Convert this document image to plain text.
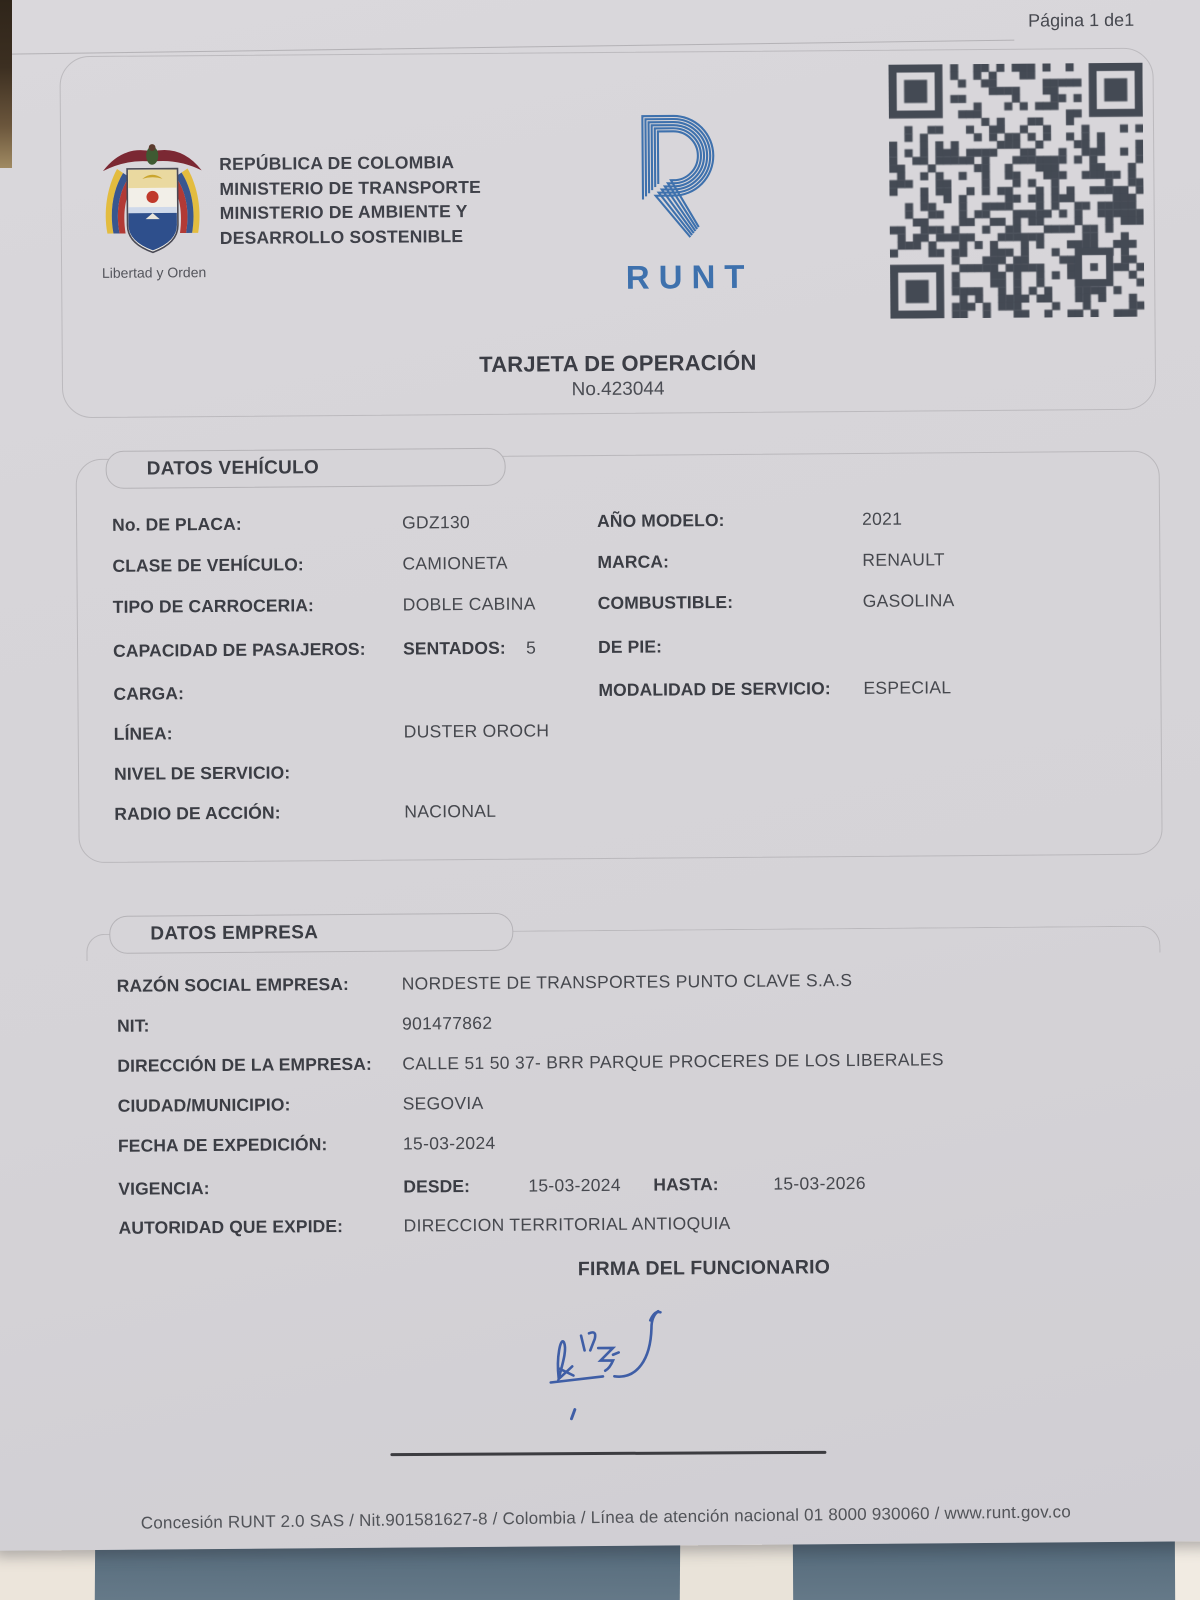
Página 1 de1
Libertad y Orden
REPÚBLICA DE COLOMBIA
MINISTERIO DE TRANSPORTE
MINISTERIO DE AMBIENTE Y
DESARROLLO SOSTENIBLE
RUNT
TARJETA DE OPERACIÓN
No.423044
No. DE PLACA:	GDZ130	AÑO MODELO:	2021
CLASE DE VEHÍCULO:	CAMIONETA	MARCA:	RENAULT
TIPO DE CARROCERIA:	DOBLE CABINA	COMBUSTIBLE:	GASOLINA
CAPACIDAD DE PASAJEROS: SENTADOS: 5	DE PIE:
CARGA:	MODALIDAD DE SERVICIO: ESPECIAL
LÍNEA:	DUSTER OROCH
NIVEL DE SERVICIO:
RADIO DE ACCIÓN:	NACIONAL
DATOS VEHÍCULO
DATOS EMPRESA
RAZÓN SOCIAL EMPRESA:	NORDESTE DE TRANSPORTES PUNTO CLAVE S.A.S
NIT:	901477862
DIRECCIÓN DE LA EMPRESA: CALLE 51 50 37- BRR PARQUE PROCERES DE LOS LIBERALES
CIUDAD/MUNICIPIO:	SEGOVIA
FECHA DE EXPEDICIÓN:	15-03-2024
VIGENCIA:	DESDE:	15-03-2024 HASTA:	15-03-2026
AUTORIDAD QUE EXPIDE:	DIRECCION TERRITORIAL ANTIOQUIA
FIRMA DEL FUNCIONARIO
Concesión RUNT 2.0 SAS / Nit.901581627-8 / Colombia / Línea de atención nacional 01 8000 930060 / www.runt.gov.co
